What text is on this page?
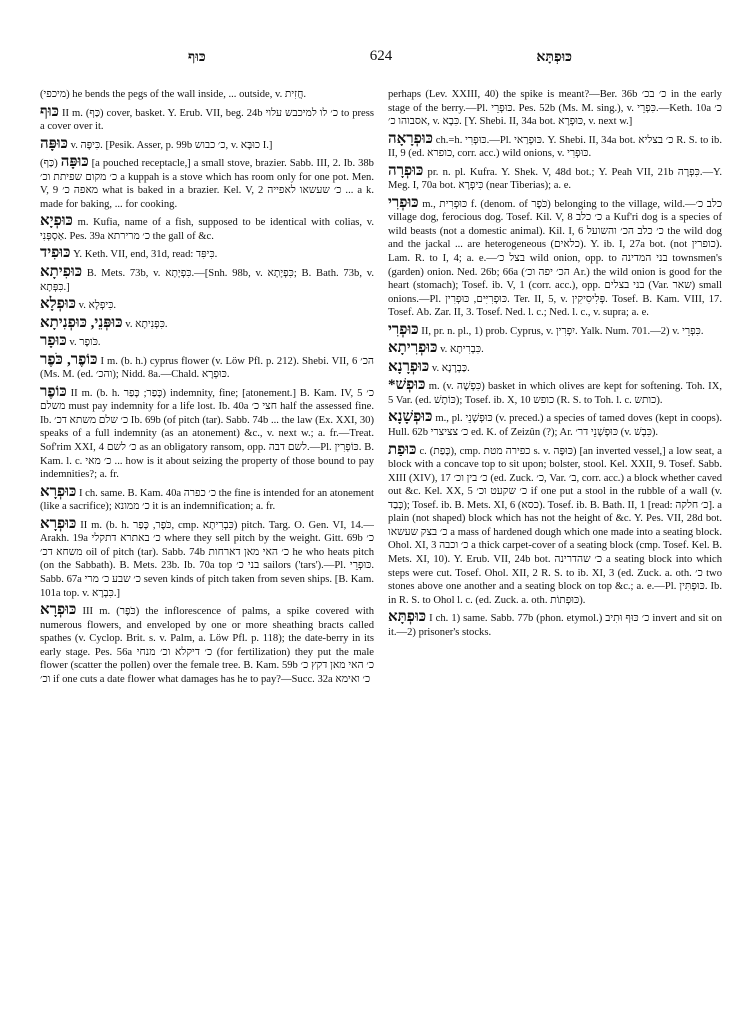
כּוּף	624	כּוּפְתָּא

(מיכפי) he bends the pegs of the wall inside, ... outside, v. חֲזִית.

כּוּף II m. (כַּף) cover, basket. Y. Erub. VII, beg. 24b כ׳ לו למיכבש עלוי to press a cover over it.

כּוּפָּה v. כִּיפָּה. [Pesik. Asser, p. 99b כ׳ כבוש, v. כוּבָּא I.]

כּוּפָּה (כַּף) [a pouched receptacle,] a small stove, brazier. Sabb. III, 2. Ib. 38b כ׳ מקום שפיתת וכ׳ a kuppah is a stove which has room only for one pot. Men. V, 9 מאפה כ׳ what is baked in a brazier. Kel. V, 2 כ׳ שעשאו לאפייה ... a k. made for baking, ... for cooking.

כּוּפְיָא m. Kufia, name of a fish, supposed to be identical with colias, v. אַסְפְּנִי. Pes. 39a כ׳ מרירתא the gall of &c.

כּוּפִיד Y. Keth. VII, end, 31d, read: כִּיפִּד.

כּוּפִיתָא B. Mets. 73b, v. כִּפְיָתָא.—[Snh. 98b, v. כִּפְיָתָא; B. Bath. 73b, v. כִּפְּתָא.]

כּוּפְלָא v. כִּיפְלָא.

כּוּפְּנֵי, כּוּפְנִיתָא v. כִּפְנִיתָא.

כּוּפָר v. כֹּופֶר.

כּוֹפֶר, כֹּפֶר I m. (b. h.) cyprus flower (v. Löw Pfl. p. 212). Shebi. VII, 6 הכ׳ (Ms. M. (ed. והכ׳); Nidd. 8a.—Chald. כּוּפְרָא.

כּוֹפֶר II m. (b. h. כָּפַר; כָּפַר) indemnity, fine; [atonement.] B. Kam. IV, 5 כ׳ משלם must pay indemnity for a life lost. Ib. 40a חצי כ׳ half the assessed fine. Ib. כ׳ שלם משתא דכ׳ Ib. 69b (of pitch (tar). Sabb. 74b ... the law (Ex. XXI, 30) speaks of a full indemnity (as an atonement) &c., v. next w.; a. fr.—Treat. Sof'rim XXI, 4 כ׳ לשם as an obligatory ransom, opp. לשם דבה.—Pl. כּוֹפְרִין. B. Kam. l. c. כ׳ מאי ... how is it about seizing the property of those bound to pay indemnities?; a. fr.

כּוּפְרָא I ch. same. B. Kam. 40a כ׳ כפרה the fine is intended for an atonement (like a sacrifice); כ׳ ממונא it is an indemnification; a. fr.

כּוּפְרָא II m. (b. h. כֹּפֶר, כָּפַר, cmp. כִּבְרִיתָא) pitch. Targ. O. Gen. VI, 14.—Arakh. 19a כ׳ באתרא דתקלי where they sell pitch by the weight. Gitt. 69b כ׳ משחא דכ׳ oil of pitch (tar). Sabb. 74b כ׳ האי מאן דארחות he who heats pitch (on the Sabbath). B. Mets. 23b. Ib. 70a top בני כ׳ sailors ('tars').—Pl. כּוּפְרֵי. Sabb. 67a כ׳ שבע כ׳ מרי seven kinds of pitch taken from seven ships. [B. Kam. 101a top. v. כִּבְרָא.]

כּוּפְרָא III m. (כֹּפֶר) the inflorescence of palms, a spike covered with numerous flowers, and enveloped by one or more sheathing bracts called spathes (v. Cyclop. Brit. s. v. Palm, a. Löw Pfl. p. 118); the date-berry in its early stage. Pes. 56a כ׳ דיקלא וכ׳ מנחי (for fertilization) they put the male flower (scatter the pollen) over the female tree. B. Kam. 59b כ׳ האי מאן דקץ כ׳ וכ׳ if one cuts a date flower what damages has he to pay?—Succ. 32a כ׳ ואימא

perhaps (Lev. XXIII, 40) the spike is meant?—Ber. 36b כ׳ בכ׳ in the early stage of the berry.—Pl. כּוּפְרֵי. Pes. 52b (Ms. M. sing.), v. כִּפְרֵי.—Keth. 10a כ׳ אסבוהו כ׳, v. כִּבָא. [Y. Shebi. II, 34a bot. כּוּפְרָא, v. next w.]

כּוּפְרָאָה ch.=h. כּוּפְרִי.—Pl. כּוּפְרַאי. Y. Shebi. II, 34a bot. כ׳ בצליא R. S. to ib. II, 9 (ed. כופרא, corr. acc.) wild onions, v. כּוּפְרִי.

כּוּפְרָה pr. n. pl. Kufra. Y. Shek. V, 48d bot.; Y. Peah VII, 21b כִּפְרָה.—Y. Meg. I, 70a bot. כִּיפְרָא (near Tiberias); a. e.

כּוּפְרִי m., כּוּפְרִית f. (denom. of כֹּפֶר) belonging to the village, wild.—כלב כ׳ village dog, ferocious dog. Tosef. Kil. V, 8 כ׳ כלב a Kuf'ri dog is a species of wild beasts (not a domestic animal). Kil. I, 6 כ׳ כלב הכ׳ והשועל the wild dog and the jackal ... are heterogeneous (כלאים). Y. ib. I, 27a bot. (not כופרין). Lam. R. to I, 4; a. e.—בצל כ׳ wild onion, opp. to בני המדינה townsmen's (garden) onion. Ned. 26b; 66a (הכ׳ יפה וכ׳ Ar.) the wild onion is good for the heart (stomach); Tosef. ib. V, 1 (corr. acc.), opp. בני בצלים (Var. שאר) small onions.—Pl. כּוּפְרִיִּים, כּוּפְרִין. Ter. II, 5, v. פְּלִיסִיקִין. Tosef. B. Kam. VIII, 17. Tosef. Ab. Zar. II, 3. Tosef. Ned. l. c.; Ned. l. c., v. supra; a. e.

כּוּפְרִי II, pr. n. pl., 1) prob. Cyprus, v. יִפְרִין. Yalk. Num. 701.—2) v. כִּפְרֵי.

כּוּפְרִיתָא v. כִּבְרִיתָא.

כּוּפְרָנָא v. כַּבְרָנָא.

*כּוּפְשׁ m. (v. כִּפְשָׁה) basket in which olives are kept for softening. Toh. IX, 5 Var. (ed. כּוֹתֶשׁ); Tosef. ib. X, 10 כופש (R. S. to Toh. l. c. כותש).

כּוּפְשָׁנָא m., pl. כּוּפְשָׁנֵי (v. preced.) a species of tamed doves (kept in coops). Hull. 62b כ׳ צציצרי ed. K. of Zeizûn (?); Ar. כּוּפְשָׁנֵי דר׳ (v. כִּבְשׁ).

כּוּפַת c. (כָּפַת), cmp. כפירה מטת s. v. כּוּפָּה) [an inverted vessel,] a low seat, a block with a concave top to sit upon; bolster, stool. Kel. XXII, 9. Tosef. Sabb. XIII (XIV), 17 כ׳ בין וכ׳ (ed. Zuck. כ׳, Var. ב׳, corr. acc.) a block whether caved out &c. Kel. XX, 5 כ׳ שקעט וכ׳ if one put a stool in the rubble of a wall (v. כָּבַד); Tosef. ib. B. Mets. XI, 6 (כסא). Tosef. ib. B. Bath. II, 1 [read: כ׳ חלקה]. a plain (not shaped) block which has not the height of &c. Y. Pes. VII, 28d bot. כ׳ בצק שעשאו a mass of hardened dough which one made into a seating block. Ohol. XI, 3 כ׳ וכבה a thick carpet-cover of a seating block (cmp. Tosef. Kel. B. Mets. XI, 10). Y. Erub. VII, 24b bot. כ׳ שהדרינה a seating block into which steps were cut. Tosef. Ohol. XII, 2 R. S. to ib. XI, 3 (ed. Zuck. a. oth. כ׳ two stones above one another and a seating block on top &c.; a. e.—Pl. כּוּפְתִּין. Ib. in R. S. to Ohol l. c. (ed. Zuck. a. oth. כּוּפְתוֹת).

כּוּפְתָּא I ch. 1) same. Sabb. 77b (phon. etymol.) כ׳ כּוּף וּתִיב invert and sit on it.—2) prisoner's stocks.
